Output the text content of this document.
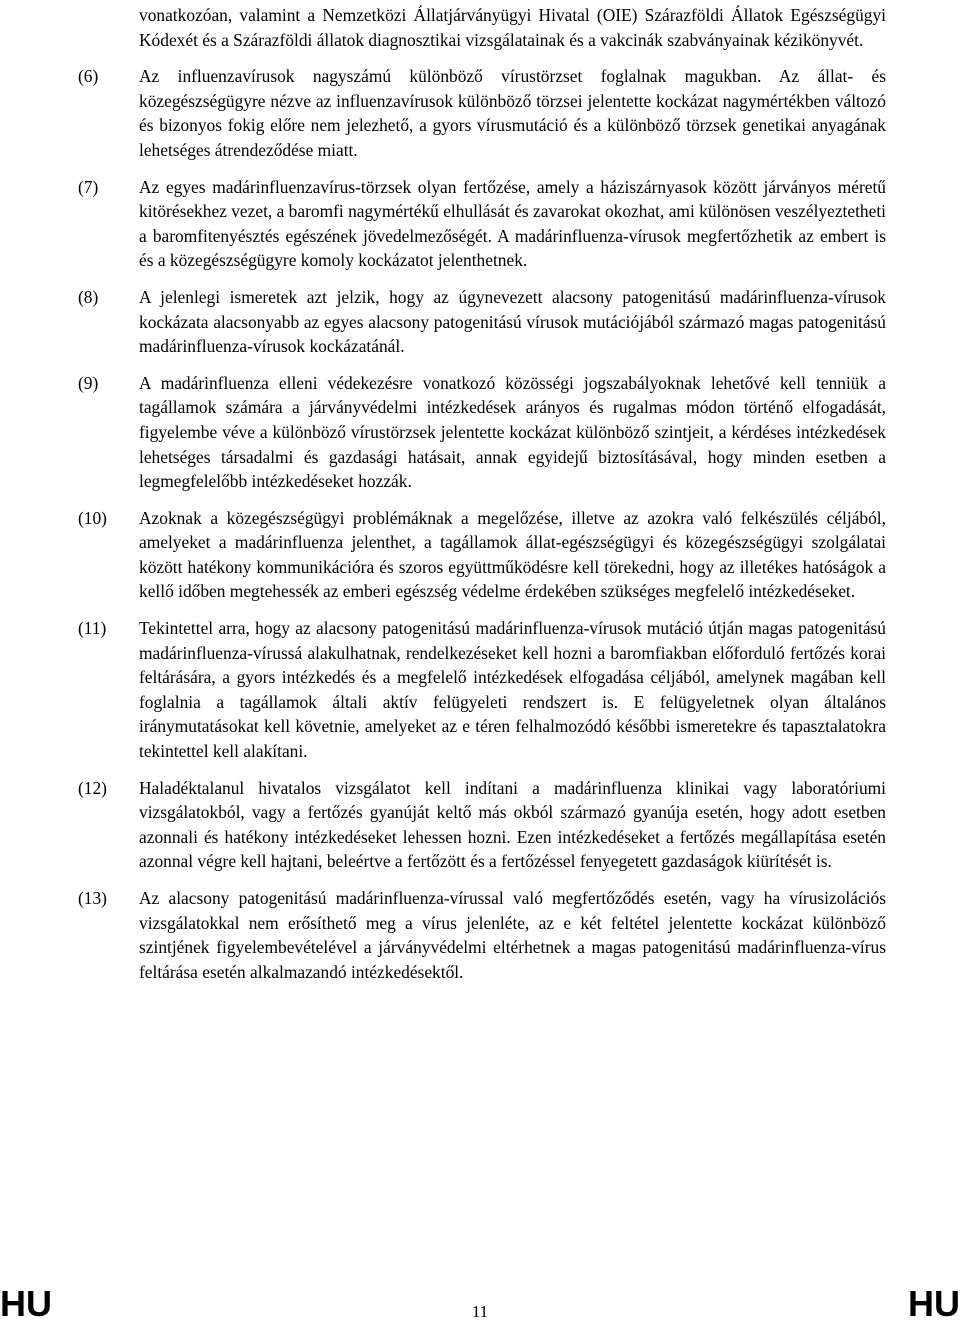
vonatkozóan, valamint a Nemzetközi Állatjárványügyi Hivatal (OIE) Szárazföldi Állatok Egészségügyi Kódexét és a Szárazföldi állatok diagnosztikai vizsgálatainak és a vakcinák szabványainak kézikönyvét.
(6)	Az influenzavírusok nagyszámú különböző vírustörzset foglalnak magukban. Az állat- és közegészségügyre nézve az influenzavírusok különböző törzsei jelentette kockázat nagymértékben változó és bizonyos fokig előre nem jelezhető, a gyors vírusmutáció és a különböző törzsek genetikai anyagának lehetséges átrendeződése miatt.
(7)	Az egyes madárinfluenzavírus-törzsek olyan fertőzése, amely a háziszárnyasok között járványos méretű kitörésekhez vezet, a baromfi nagymértékű elhullását és zavarokat okozhat, ami különösen veszélyeztetheti a baromfitenyésztés egészének jövedelmezőségét. A madárinfluenza-vírusok megfertőzhetik az embert is és a közegészségügyre komoly kockázatot jelenthetnek.
(8)	A jelenlegi ismeretek azt jelzik, hogy az úgynevezett alacsony patogenitású madárinfluenza-vírusok kockázata alacsonyabb az egyes alacsony patogenitású vírusok mutációjából származó magas patogenitású madárinfluenza-vírusok kockázatánál.
(9)	A madárinfluenza elleni védekezésre vonatkozó közösségi jogszabályoknak lehetővé kell tenniük a tagállamok számára a járványvédelmi intézkedések arányos és rugalmas módon történő elfogadását, figyelembe véve a különböző vírustörzsek jelentette kockázat különböző szintjeit, a kérdéses intézkedések lehetséges társadalmi és gazdasági hatásait, annak egyidejű biztosításával, hogy minden esetben a legmegfelelőbb intézkedéseket hozzák.
(10)	Azoknak a közegészségügyi problémáknak a megelőzése, illetve az azokra való felkészülés céljából, amelyeket a madárinfluenza jelenthet, a tagállamok állat-egészségügyi és közegészségügyi szolgálatai között hatékony kommunikációra és szoros együttműködésre kell törekedni, hogy az illetékes hatóságok a kellő időben megtehessék az emberi egészség védelme érdekében szükséges megfelelő intézkedéseket.
(11)	Tekintettel arra, hogy az alacsony patogenitású madárinfluenza-vírusok mutáció útján magas patogenitású madárinfluenza-vírussá alakulhatnak, rendelkezéseket kell hozni a baromfiakban előforduló fertőzés korai feltárására, a gyors intézkedés és a megfelelő intézkedések elfogadása céljából, amelynek magában kell foglalnia a tagállamok általi aktív felügyeleti rendszert is. E felügyeletnek olyan általános iránymutatásokat kell követnie, amelyeket az e téren felhalmozódó későbbi ismeretekre és tapasztalatokra tekintettel kell alakítani.
(12)	Haladéktalanul hivatalos vizsgálatot kell indítani a madárinfluenza klinikai vagy laboratóriumi vizsgálatokból, vagy a fertőzés gyanúját keltő más okból származó gyanúja esetén, hogy adott esetben azonnali és hatékony intézkedéseket lehessen hozni. Ezen intézkedéseket a fertőzés megállapítása esetén azonnal végre kell hajtani, beleértve a fertőzött és a fertőzéssel fenyegetett gazdaságok kiürítését is.
(13)	Az alacsony patogenitású madárinfluenza-vírussal való megfertőződés esetén, vagy ha vírusizolációs vizsgálatokkal nem erősíthető meg a vírus jelenléte, az e két feltétel jelentette kockázat különböző szintjének figyelembevételével a járványvédelmi eltérhetnek a magas patogenitású madárinfluenza-vírus feltárása esetén alkalmazandó intézkedésektől.
HU	11	HU
